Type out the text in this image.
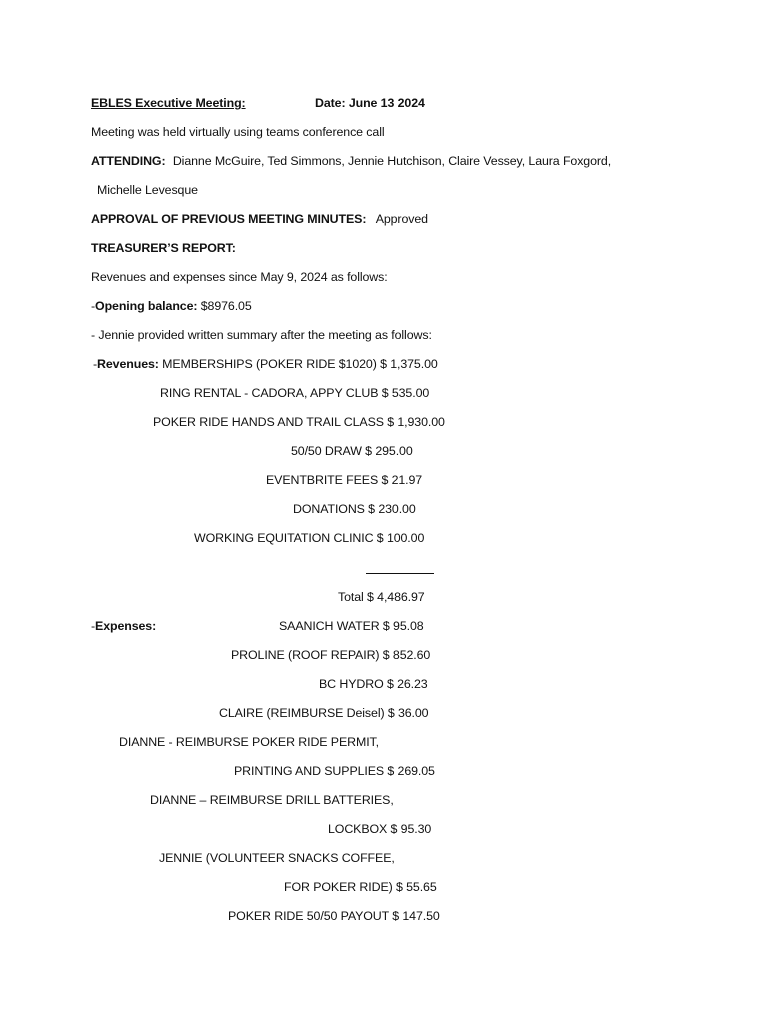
EBLES Executive Meeting:	Date: June 13 2024
Meeting was held virtually using teams conference call
ATTENDING: Dianne McGuire, Ted Simmons, Jennie Hutchison, Claire Vessey, Laura Foxgord,
Michelle Levesque
APPROVAL OF PREVIOUS MEETING MINUTES: Approved
TREASURER’S REPORT:
Revenues and expenses since May 9, 2024 as follows:
-Opening balance: $8976.05
- Jennie provided written summary after the meeting as follows:
-Revenues: MEMBERSHIPS (POKER RIDE $1020) $ 1,375.00
RING RENTAL - CADORA, APPY CLUB $ 535.00
POKER RIDE HANDS AND TRAIL CLASS $ 1,930.00
50/50 DRAW $ 295.00
EVENTBRITE FEES $ 21.97
DONATIONS $ 230.00
WORKING EQUITATION CLINIC $ 100.00
Total $ 4,486.97
-Expenses:	SAANICH WATER $ 95.08
PROLINE (ROOF REPAIR) $ 852.60
BC HYDRO $ 26.23
CLAIRE (REIMBURSE Deisel) $ 36.00
DIANNE - REIMBURSE POKER RIDE PERMIT,
PRINTING AND SUPPLIES $ 269.05
DIANNE – REIMBURSE DRILL BATTERIES,
LOCKBOX $ 95.30
JENNIE (VOLUNTEER SNACKS COFFEE,
FOR POKER RIDE) $ 55.65
POKER RIDE 50/50 PAYOUT $ 147.50
